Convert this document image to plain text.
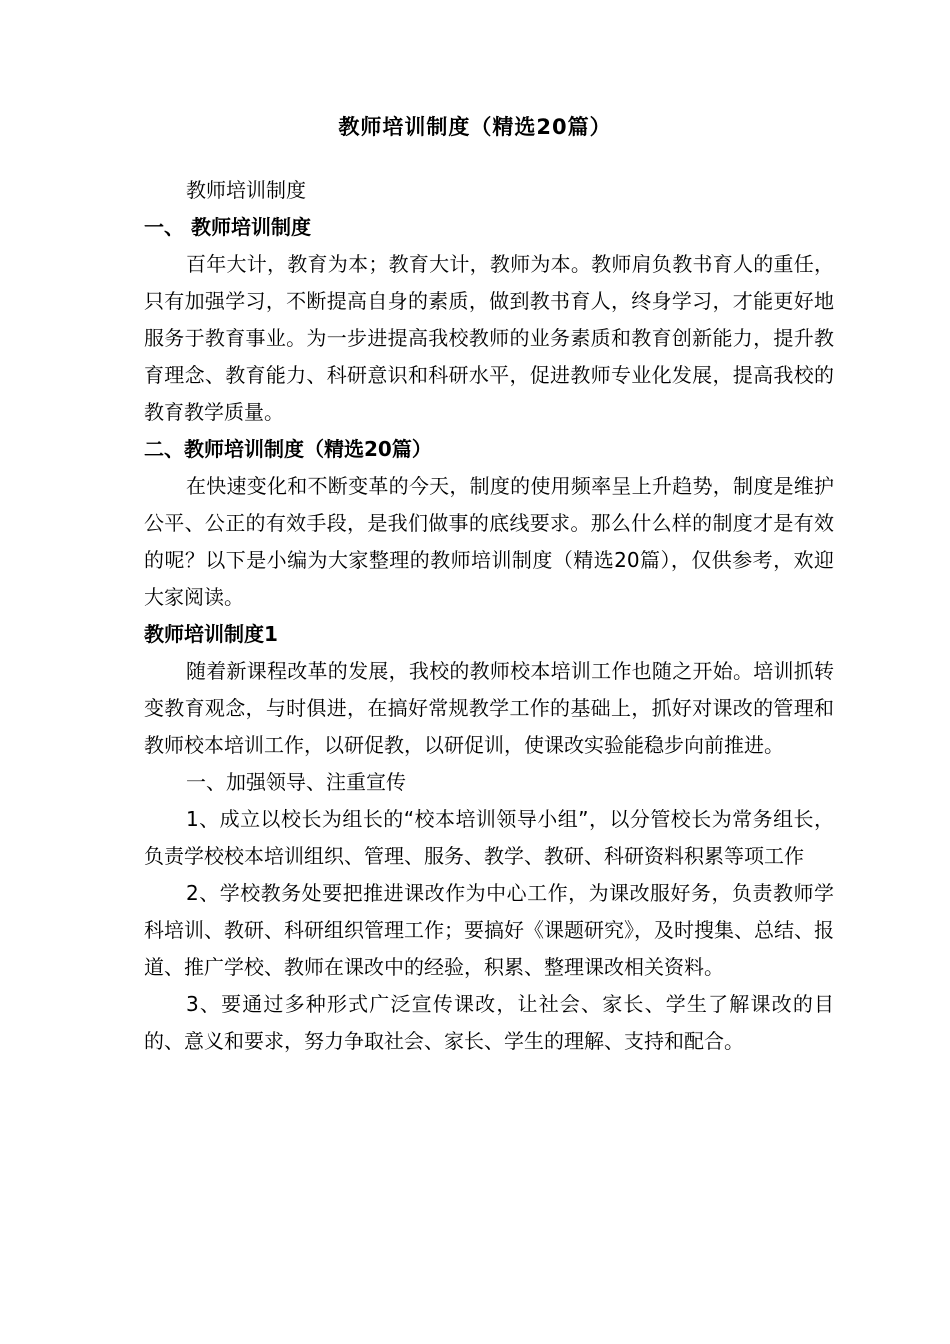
教师培训制度（精选20篇）

教师培训制度

一、 教师培训制度

百年大计，教育为本；教育大计，教师为本。教师肩负教书育人的重任，只有加强学习，不断提高自身的素质，做到教书育人，终身学习，才能更好地服务于教育事业。为一步进提高我校教师的业务素质和教育创新能力，提升教育理念、教育能力、科研意识和科研水平，促进教师专业化发展，提高我校的教育教学质量。

二、教师培训制度（精选20篇）

在快速变化和不断变革的今天，制度的使用频率呈上升趋势，制度是维护公平、公正的有效手段，是我们做事的底线要求。那么什么样的制度才是有效的呢？以下是小编为大家整理的教师培训制度（精选20篇），仅供参考，欢迎大家阅读。

教师培训制度1

随着新课程改革的发展，我校的教师校本培训工作也随之开始。培训抓转变教育观念，与时俱进，在搞好常规教学工作的基础上，抓好对课改的管理和教师校本培训工作，以研促教，以研促训，使课改实验能稳步向前推进。

一、加强领导、注重宣传

1、成立以校长为组长的“校本培训领导小组”，以分管校长为常务组长，负责学校校本培训组织、管理、服务、教学、教研、科研资料积累等项工作

2、学校教务处要把推进课改作为中心工作，为课改服好务，负责教师学科培训、教研、科研组织管理工作；要搞好《课题研究》，及时搜集、总结、报道、推广学校、教师在课改中的经验，积累、整理课改相关资料。

3、要通过多种形式广泛宣传课改，让社会、家长、学生了解课改的目的、意义和要求，努力争取社会、家长、学生的理解、支持和配合。
